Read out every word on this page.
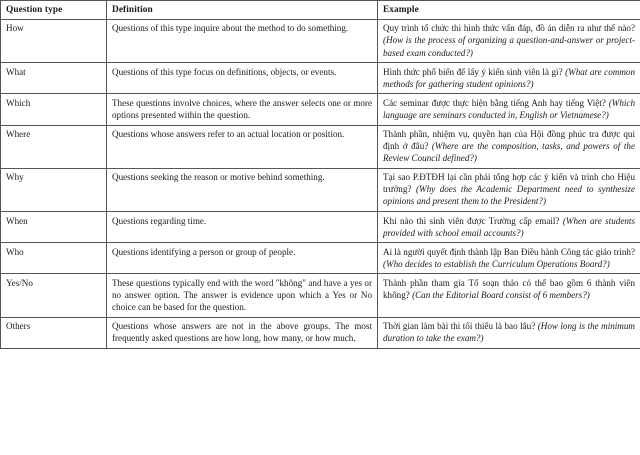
Question type	Definition	Example
How	Questions of this type inquire about the method to do something.	Quy trình tổ chức thi hình thức vấn đáp, đồ án diễn ra như thế nào? (How is the process of organizing a question-and-answer or project-based exam conducted?)
What	Questions of this type focus on definitions, objects, or events.	Hình thức phổ biến để lấy ý kiến sinh viên là gì? (What are common methods for gathering student opinions?)
Which	These questions involve choices, where the answer selects one or more options presented within the question.	Các seminar được thực hiện bằng tiếng Anh hay tiếng Việt? (Which language are seminars conducted in, English or Vietnamese?)
Where	Questions whose answers refer to an actual location or position.	Thành phần, nhiệm vụ, quyền hạn của Hội đồng phúc tra được qui định ở đâu? (Where are the composition, tasks, and powers of the Review Council defined?)
Why	Questions seeking the reason or motive behind something.	Tại sao P.ĐTĐH lại cần phải tổng hợp các ý kiến và trình cho Hiệu trưởng? (Why does the Academic Department need to synthesize opinions and present them to the President?)
When	Questions regarding time.	Khi nào thì sinh viên được Trường cấp email? (When are students provided with school email accounts?)
Who	Questions identifying a person or group of people.	Ai là người quyết định thành lập Ban Điều hành Công tác giáo trình? (Who decides to establish the Curriculum Operations Board?)
Yes/No	These questions typically end with the word "không" and have a yes or no answer option. The answer is evidence upon which a Yes or No choice can be based for the question.	Thành phần tham gia Tổ soạn thảo có thể bao gồm 6 thành viên không? (Can the Editorial Board consist of 6 members?)
Others	Questions whose answers are not in the above groups. The most frequently asked questions are how long, how many, or how much.	Thời gian làm bài thi tối thiểu là bao lâu? (How long is the minimum duration to take the exam?)
